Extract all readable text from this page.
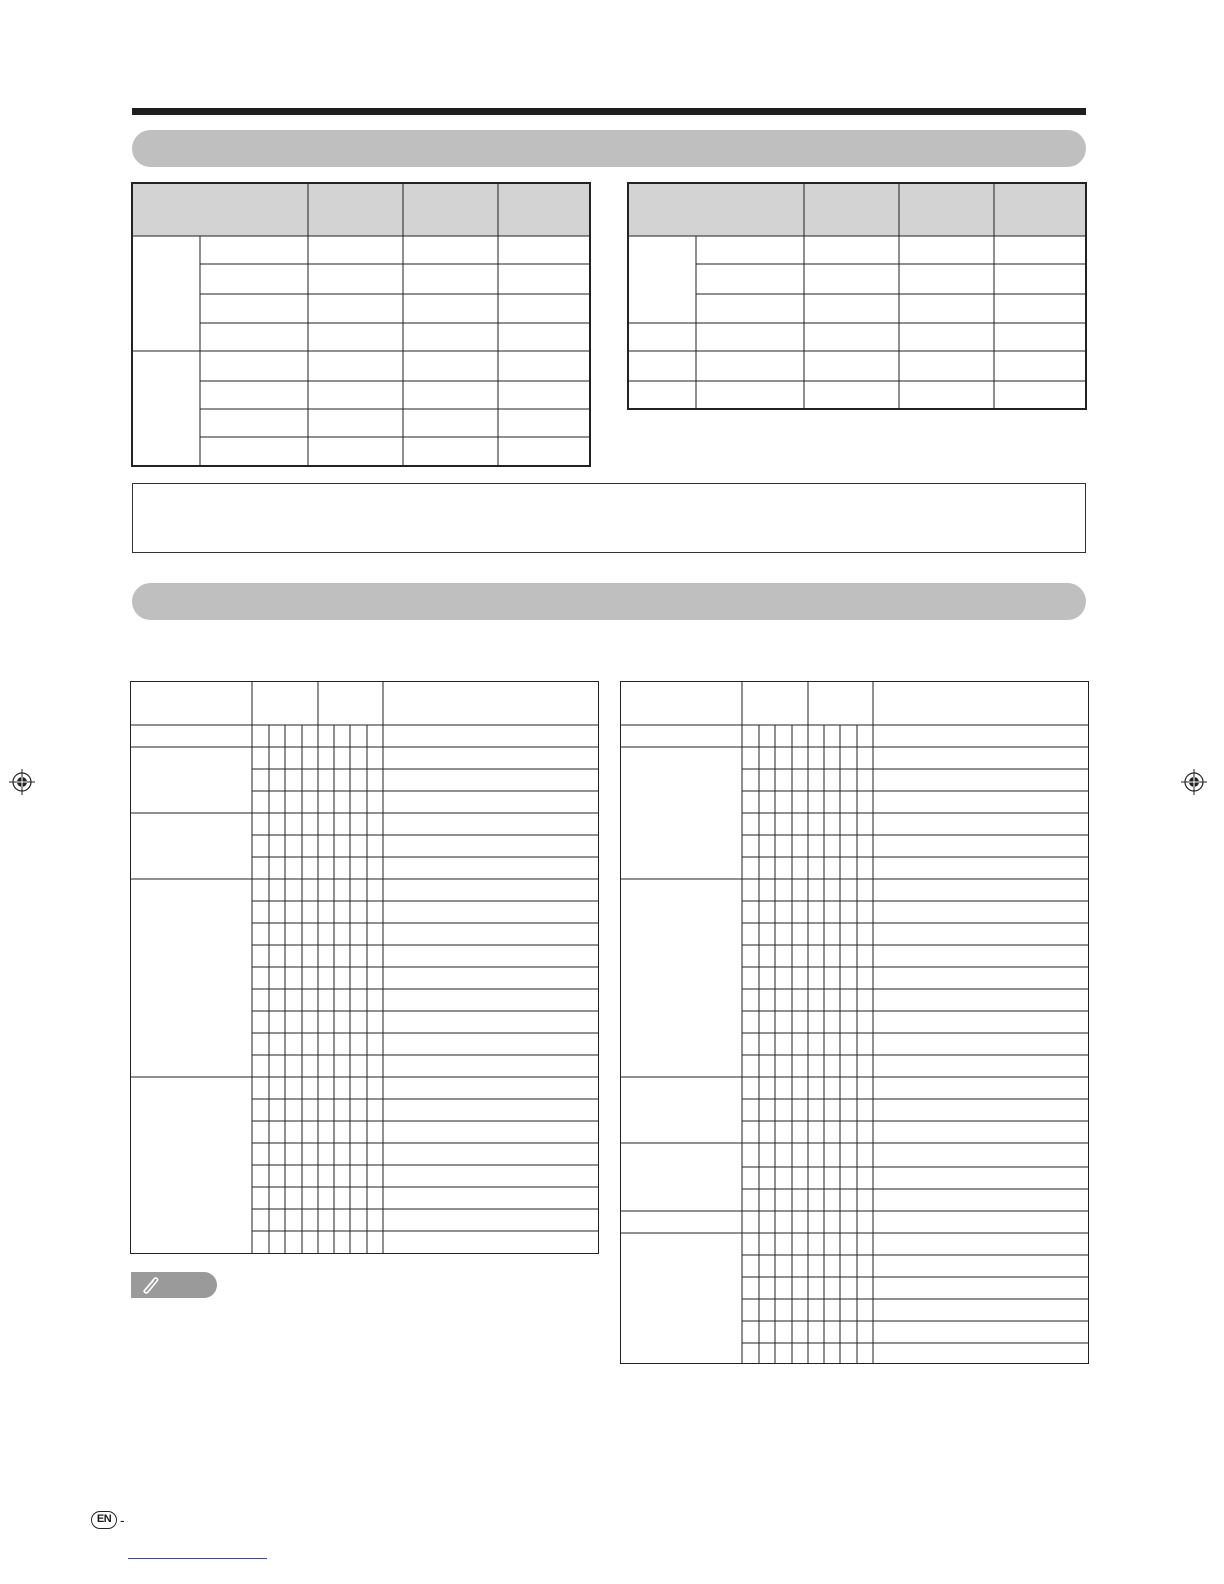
EN -
